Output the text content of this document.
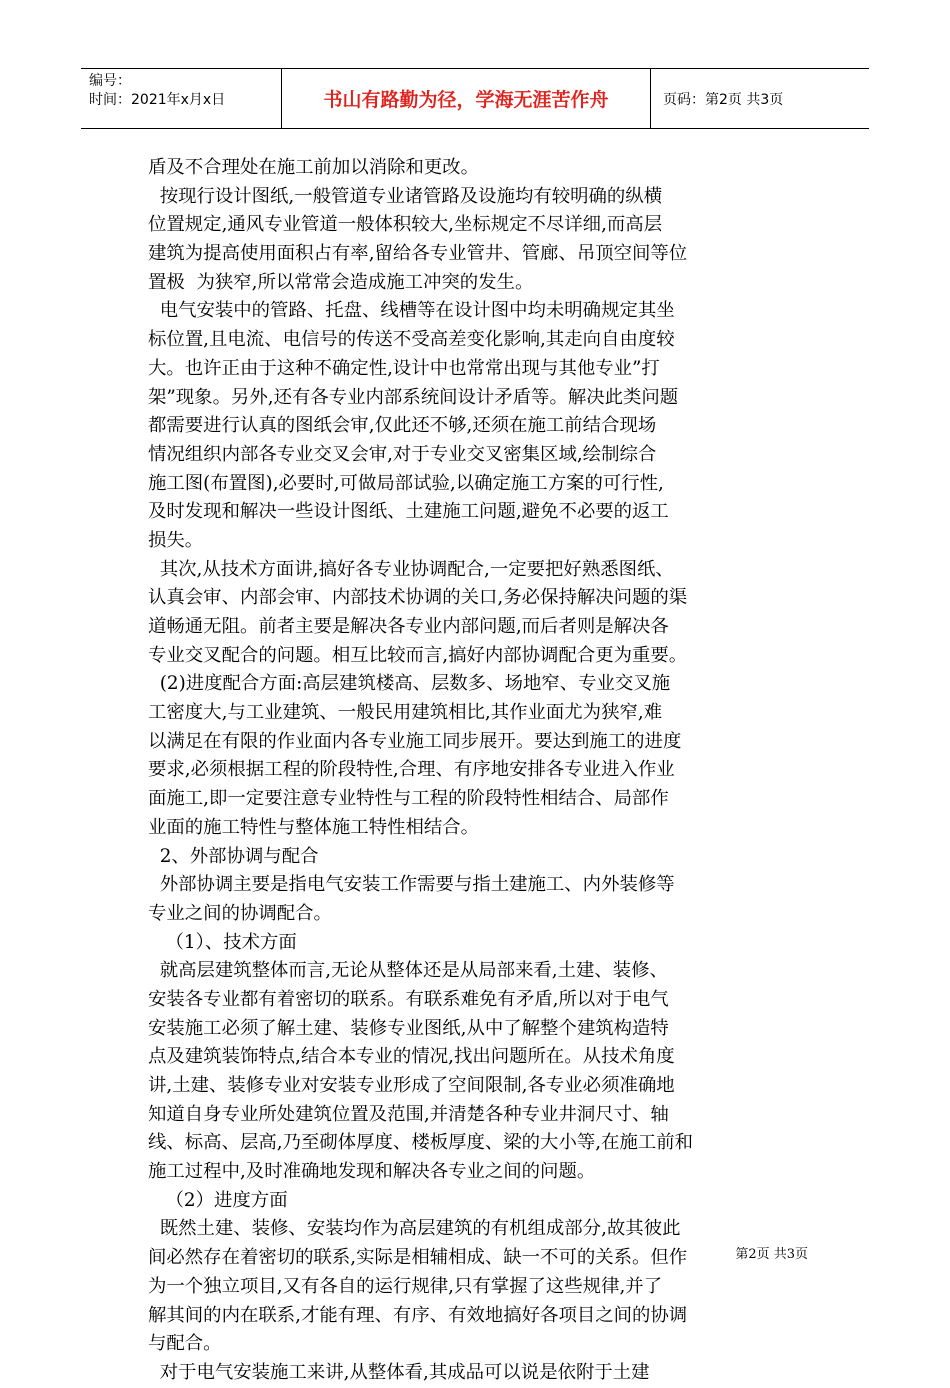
编号：
时间：2021年x月x日	书山有路勤为径，学海无涯苦作舟	页码：第2页 共3页
盾及不合理处在施工前加以消除和更改。
按现行设计图纸,一般管道专业诸管路及设施均有较明确的纵横
位置规定,通风专业管道一般体积较大,坐标规定不尽详细,而高层
建筑为提高使用面积占有率,留给各专业管井、管廊、吊顶空间等位
置极  为狭窄,所以常常会造成施工冲突的发生。
电气安装中的管路、托盘、线槽等在设计图中均未明确规定其坐
标位置,且电流、电信号的传送不受高差变化影响,其走向自由度较
大。也许正由于这种不确定性,设计中也常常出现与其他专业”打
架”现象。另外,还有各专业内部系统间设计矛盾等。解决此类问题
都需要进行认真的图纸会审,仅此还不够,还须在施工前结合现场
情况组织内部各专业交叉会审,对于专业交叉密集区域,绘制综合
施工图(布置图),必要时,可做局部试验,以确定施工方案的可行性,
及时发现和解决一些设计图纸、土建施工问题,避免不必要的返工
损失。
其次,从技术方面讲,搞好各专业协调配合,一定要把好熟悉图纸、
认真会审、内部会审、内部技术协调的关口,务必保持解决问题的渠
道畅通无阻。前者主要是解决各专业内部问题,而后者则是解决各
专业交叉配合的问题。相互比较而言,搞好内部协调配合更为重要。
(2)进度配合方面:高层建筑楼高、层数多、场地窄、专业交叉施
工密度大,与工业建筑、一般民用建筑相比,其作业面尤为狭窄,难
以满足在有限的作业面内各专业施工同步展开。要达到施工的进度
要求,必须根据工程的阶段特性,合理、有序地安排各专业进入作业
面施工,即一定要注意专业特性与工程的阶段特性相结合、局部作
业面的施工特性与整体施工特性相结合。
2、外部协调与配合
外部协调主要是指电气安装工作需要与指土建施工、内外装修等
专业之间的协调配合。
（1）、技术方面
就高层建筑整体而言,无论从整体还是从局部来看,土建、装修、
安装各专业都有着密切的联系。有联系难免有矛盾,所以对于电气
安装施工必须了解土建、装修专业图纸,从中了解整个建筑构造特
点及建筑装饰特点,结合本专业的情况,找出问题所在。从技术角度
讲,土建、装修专业对安装专业形成了空间限制,各专业必须准确地
知道自身专业所处建筑位置及范围,并清楚各种专业井洞尺寸、轴
线、标高、层高,乃至砌体厚度、楼板厚度、梁的大小等,在施工前和
施工过程中,及时准确地发现和解决各专业之间的问题。
（2）进度方面
既然土建、装修、安装均作为高层建筑的有机组成部分,故其彼此
间必然存在着密切的联系,实际是相辅相成、缺一不可的关系。但作
为一个独立项目,又有各自的运行规律,只有掌握了这些规律,并了
解其间的内在联系,才能有理、有序、有效地搞好各项目之间的协调
与配合。
对于电气安装施工来讲,从整体看,其成品可以说是依附于土建
第2页 共3页
